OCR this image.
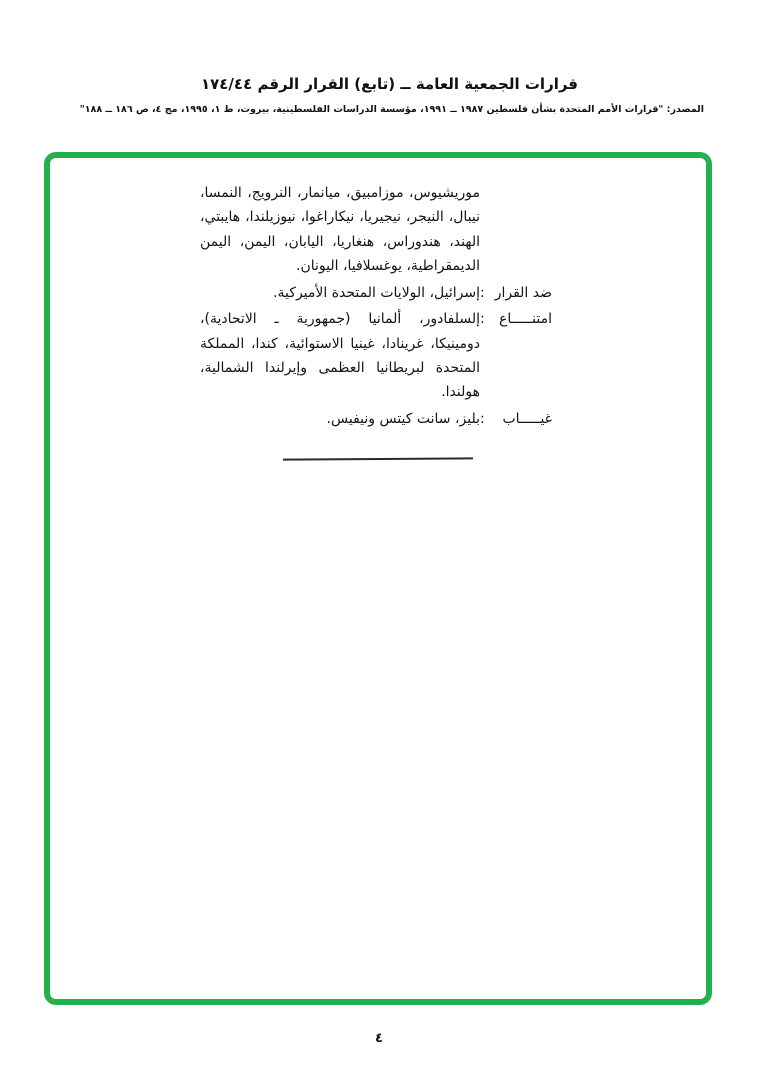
قرارات الجمعية العامة ــ (تابع) القرار الرقم ١٧٤/٤٤
المصدر: "قرارات الأمم المتحدة بشأن فلسطين ١٩٨٧ ــ ١٩٩١، مؤسسة الدراسات الفلسطينية، بيروت، ط ١، ١٩٩٥، مج ٤، ص ١٨٦ ــ ١٨٨"
موريشيوس، موزامبيق، ميانمار، النرويج، النمسا، نيبال، النيجر، نيجيريا، نيكاراغوا، نيوزيلندا، هايبتي، الهند، هندوراس، هنغاريا، اليابان، اليمن، اليمن الديمقراطية، يوغسلافيا، اليونان.
ضد القرار
:
إسرائيل، الولايات المتحدة الأميركية.
امتنـــــاع
:
إلسلفادور، ألمانيا (جمهورية ـ الاتحادية)، دومينيكا، غرينادا، غينيا الاستوائية، كندا، المملكة المتحدة لبريطانيا العظمى وإيرلندا الشمالية، هولندا.
غيـــــاب
:
بليز، سانت كيتس ونيفيس.
٤
